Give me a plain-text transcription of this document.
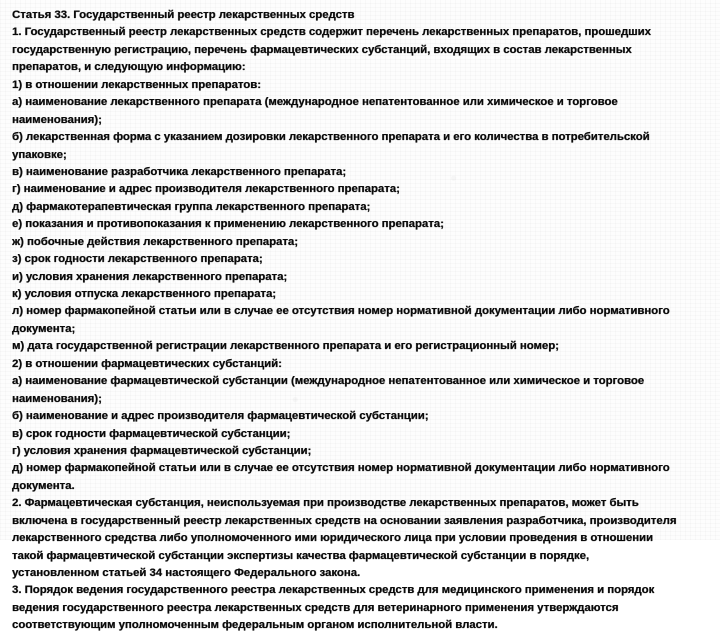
Статья 33. Государственный реестр лекарственных средств
1. Государственный реестр лекарственных средств содержит перечень лекарственных препаратов, прошедших
государственную регистрацию, перечень фармацевтических субстанций, входящих в состав лекарственных
препаратов, и следующую информацию:
1) в отношении лекарственных препаратов:
а) наименование лекарственного препарата (международное непатентованное или химическое и торговое
наименования);
б) лекарственная форма с указанием дозировки лекарственного препарата и его количества в потребительской
упаковке;
в) наименование разработчика лекарственного препарата;
г) наименование и адрес производителя лекарственного препарата;
д) фармакотерапевтическая группа лекарственного препарата;
е) показания и противопоказания к применению лекарственного препарата;
ж) побочные действия лекарственного препарата;
з) срок годности лекарственного препарата;
и) условия хранения лекарственного препарата;
к) условия отпуска лекарственного препарата;
л) номер фармакопейной статьи или в случае ее отсутствия номер нормативной документации либо нормативного
документа;
м) дата государственной регистрации лекарственного препарата и его регистрационный номер;
2) в отношении фармацевтических субстанций:
а) наименование фармацевтической субстанции (международное непатентованное или химическое и торговое
наименования);
б) наименование и адрес производителя фармацевтической субстанции;
в) срок годности фармацевтической субстанции;
г) условия хранения фармацевтической субстанции;
д) номер фармакопейной статьи или в случае ее отсутствия номер нормативной документации либо нормативного
документа.
2. Фармацевтическая субстанция, неиспользуемая при производстве лекарственных препаратов, может быть
включена в государственный реестр лекарственных средств на основании заявления разработчика, производителя
лекарственного средства либо уполномоченного ими юридического лица при условии проведения в отношении
такой фармацевтической субстанции экспертизы качества фармацевтической субстанции в порядке,
установленном статьей 34 настоящего Федерального закона.
3. Порядок ведения государственного реестра лекарственных средств для медицинского применения и порядок
ведения государственного реестра лекарственных средств для ветеринарного применения утверждаются
соответствующим уполномоченным федеральным органом исполнительной власти.
